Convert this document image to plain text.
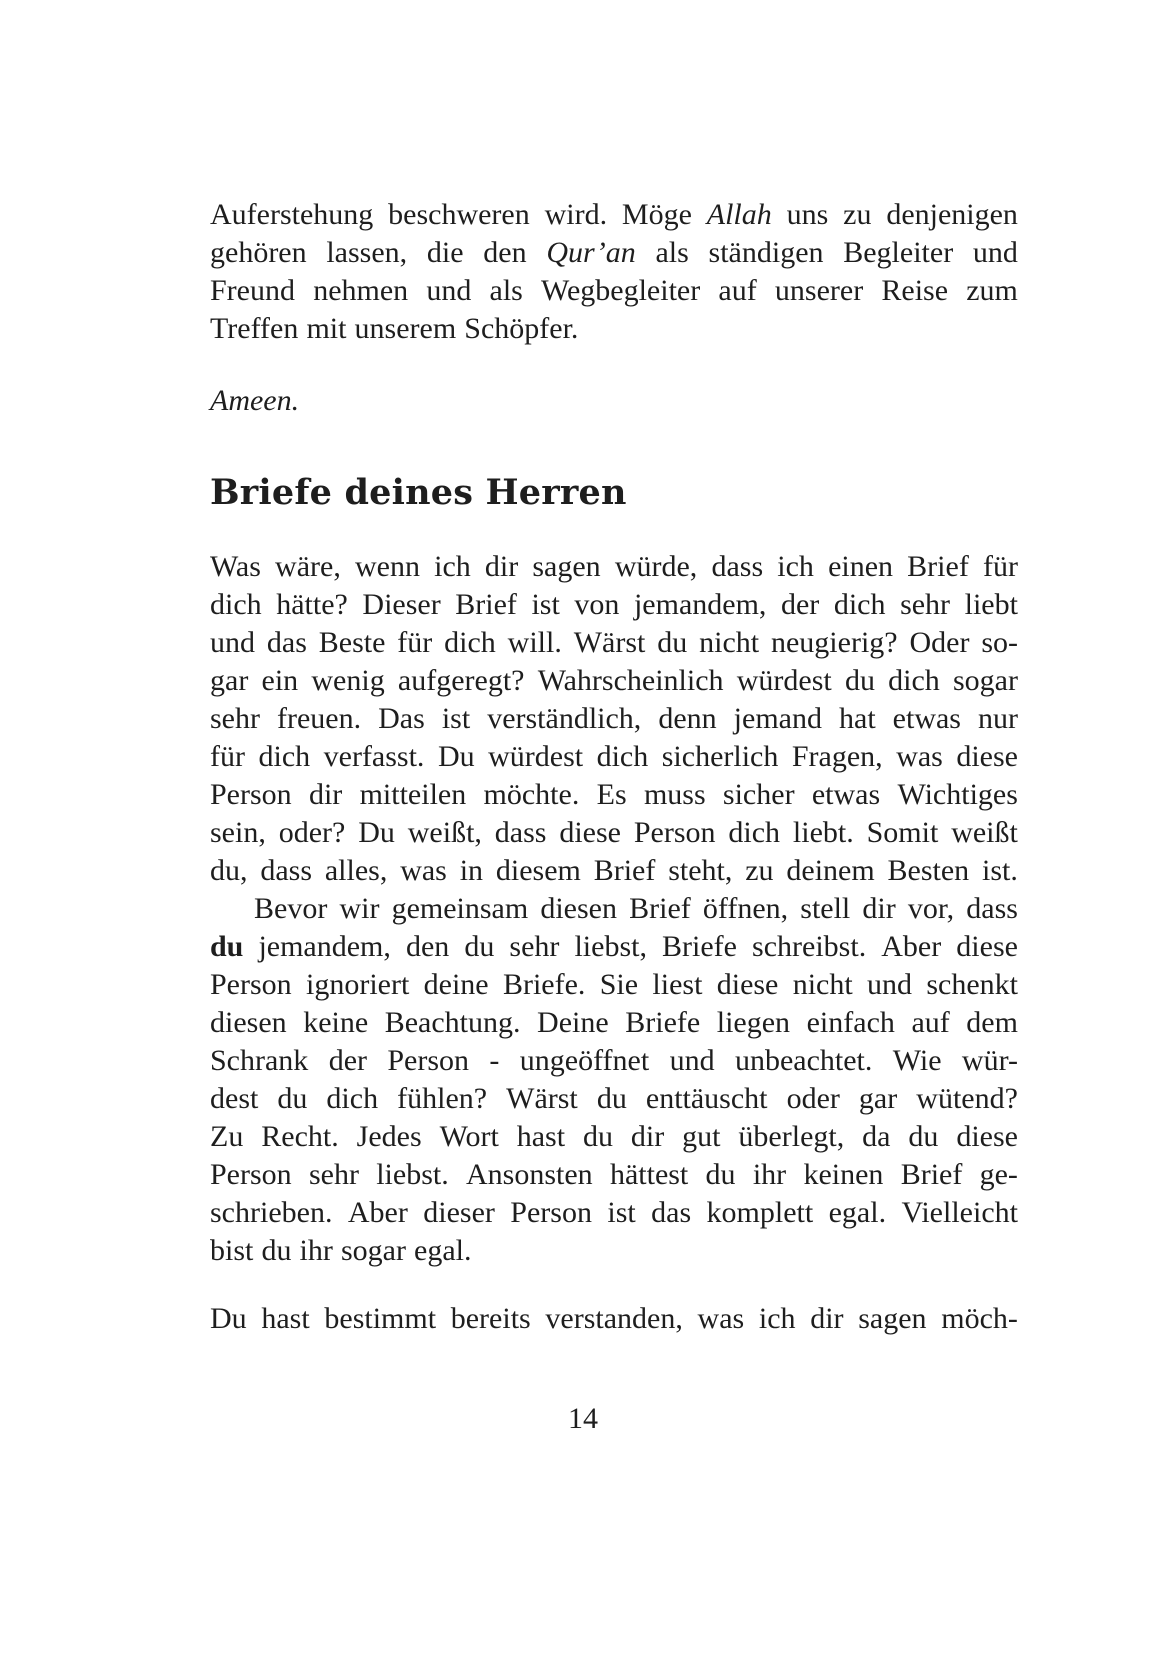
Auferstehung beschweren wird. Möge Allah uns zu denjenigen
gehören lassen, die den Qur’an als ständigen Begleiter und
Freund nehmen und als Wegbegleiter auf unserer Reise zum
Treffen mit unserem Schöpfer.
Ameen.
Briefe deines Herren
Was wäre, wenn ich dir sagen würde, dass ich einen Brief für
dich hätte? Dieser Brief ist von jemandem, der dich sehr liebt
und das Beste für dich will. Wärst du nicht neugierig? Oder so-
gar ein wenig aufgeregt? Wahrscheinlich würdest du dich sogar
sehr freuen. Das ist verständlich, denn jemand hat etwas nur
für dich verfasst. Du würdest dich sicherlich Fragen, was diese
Person dir mitteilen möchte. Es muss sicher etwas Wichtiges
sein, oder? Du weißt, dass diese Person dich liebt. Somit weißt
du, dass alles, was in diesem Brief steht, zu deinem Besten ist.
Bevor wir gemeinsam diesen Brief öffnen, stell dir vor, dass
du jemandem, den du sehr liebst, Briefe schreibst. Aber diese
Person ignoriert deine Briefe. Sie liest diese nicht und schenkt
diesen keine Beachtung. Deine Briefe liegen einfach auf dem
Schrank der Person - ungeöffnet und unbeachtet. Wie wür-
dest du dich fühlen? Wärst du enttäuscht oder gar wütend?
Zu Recht. Jedes Wort hast du dir gut überlegt, da du diese
Person sehr liebst. Ansonsten hättest du ihr keinen Brief ge-
schrieben. Aber dieser Person ist das komplett egal. Vielleicht
bist du ihr sogar egal.
Du hast bestimmt bereits verstanden, was ich dir sagen möch-
14
